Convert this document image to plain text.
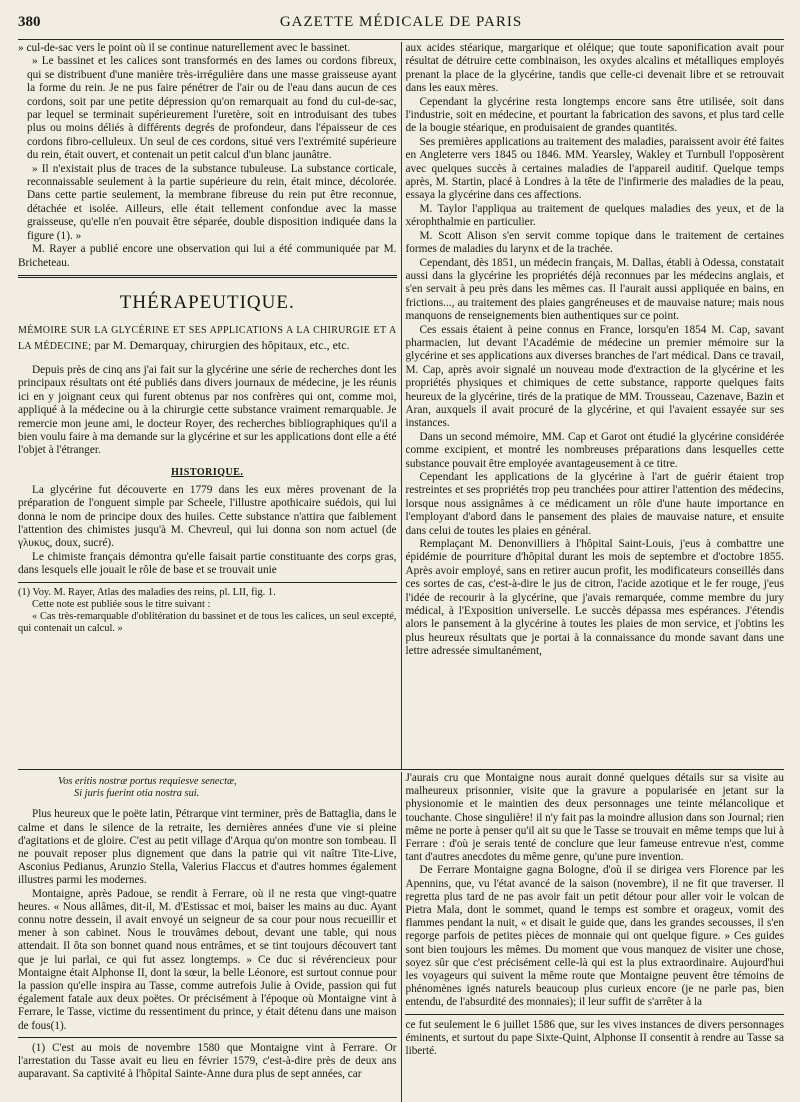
380	GAZETTE MÉDICALE DE PARIS

» cul-de-sac vers le point où il se continue naturellement avec le bassinet.

» Le bassinet et les calices sont transformés en des lames ou cordons fibreux, qui se distribuent d'une manière très-irrégulière dans une masse graisseuse ayant la forme du rein. Je ne pus faire pénétrer de l'air ou de l'eau dans aucun de ces cordons, soit par une petite dépression qu'on remarquait au fond du cul-de-sac, par lequel se terminait supérieurement l'uretère, soit en introduisant des tubes plus ou moins déliés à différents degrés de profondeur, dans l'épaisseur de ces cordons fibro-celluleux. Un seul de ces cordons, situé vers l'extrémité supérieure du rein, était ouvert, et contenait un petit calcul d'un blanc jaunâtre.

» Il n'existait plus de traces de la substance tubuleuse. La substance corticale, reconnaissable seulement à la partie supérieure du rein, était mince, décolorée. Dans cette partie seulement, la membrane fibreuse du rein put être reconnue, détachée et isolée. Ailleurs, elle était tellement confondue avec la masse graisseuse, qu'elle n'en pouvait être séparée, double disposition indiquée dans la figure (1). »

M. Rayer a publié encore une observation qui lui a été communiquée par M. Bricheteau.

THÉRAPEUTIQUE.
MÉMOIRE SUR LA GLYCÉRINE ET SES APPLICATIONS A LA CHIRURGIE ET A LA MÉDECINE; par M. Demarquay, chirurgien des hôpitaux, etc., etc.

Depuis près de cinq ans j'ai fait sur la glycérine une série de recherches dont les principaux résultats ont été publiés dans divers journaux de médecine, je les réunis ici en y joignant ceux qui furent obtenus par nos confrères qui ont, comme moi, appliqué à la médecine ou à la chirurgie cette substance vraiment remarquable. Je remercie mon jeune ami, le docteur Royer, des recherches bibliographiques qu'il a bien voulu faire à ma demande sur la glycérine et sur les applications dont elle a été l'objet à l'étranger.

HISTORIQUE.

La glycérine fut découverte en 1779 dans les eux mères provenant de la préparation de l'onguent simple par Scheele, l'illustre apothicaire suédois, qui lui donna le nom de principe doux des huiles. Cette substance n'attira que faiblement l'attention des chimistes jusqu'à M. Chevreul, qui lui donna son nom actuel (de γλυκυς, doux, sucré).

Le chimiste français démontra qu'elle faisait partie constituante des corps gras, dans lesquels elle jouait le rôle de base et se trouvait unie

(1) Voy. M. Rayer, Atlas des maladies des reins, pl. LII, fig. 1.

Cette note est publiée sous le titre suivant :

« Cas très-remarquable d'oblitération du bassinet et de tous les calices, un seul excepté, qui contenait un calcul. »

aux acides stéarique, margarique et oléique; que toute saponification avait pour résultat de détruire cette combinaison, les oxydes alcalins et métalliques employés prenant la place de la glycérine, tandis que celle-ci devenait libre et se retrouvait dans les eaux mères.

Cependant la glycérine resta longtemps encore sans être utilisée, soit dans l'industrie, soit en médecine, et pourtant la fabrication des savons, et plus tard celle de la bougie stéarique, en produisaient de grandes quantités.

Ses premières applications au traitement des maladies, paraissent avoir été faites en Angleterre vers 1845 ou 1846. MM. Yearsley, Wakley et Turnbull l'opposèrent avec quelques succès à certaines maladies de l'appareil auditif. Quelque temps après, M. Startin, placé à Londres à la tête de l'infirmerie des maladies de la peau, essaya la glycérine dans ces affections.

M. Taylor l'appliqua au traitement de quelques maladies des yeux, et de la xérophthalmie en particulier.

M. Scott Alison s'en servit comme topique dans le traitement de certaines formes de maladies du larynx et de la trachée.

Cependant, dès 1851, un médecin français, M. Dallas, établi à Odessa, constatait aussi dans la glycérine les propriétés déjà reconnues par les médecins anglais, et s'en servait à peu près dans les mêmes cas. Il l'aurait aussi appliquée en bains, en frictions..., au traitement des plaies gangréneuses et de mauvaise nature; mais nous manquons de renseignements bien authentiques sur ce point.

Ces essais étaient à peine connus en France, lorsqu'en 1854 M. Cap, savant pharmacien, lut devant l'Académie de médecine un premier mémoire sur la glycérine et ses applications aux diverses branches de l'art médical. Dans ce travail, M. Cap, après avoir signalé un nouveau mode d'extraction de la glycérine et les propriétés physiques et chimiques de cette substance, rapporte quelques faits heureux de la glycérine, tirés de la pratique de MM. Trousseau, Cazenave, Bazin et Aran, auxquels il avait procuré de la glycérine, et qui l'avaient essayée sur ses instances.

Dans un second mémoire, MM. Cap et Garot ont étudié la glycérine considérée comme excipient, et montré les nombreuses préparations dans lesquelles cette substance pouvait être employée avantageusement à ce titre.

Cependant les applications de la glycérine à l'art de guérir étaient trop restreintes et ses propriétés trop peu tranchées pour attirer l'attention des médecins, lorsque nous assignâmes à ce médicament un rôle d'une haute importance en l'employant d'abord dans le pansement des plaies de mauvaise nature, et ensuite dans celui de toutes les plaies en général.

Remplaçant M. Denonvilliers à l'hôpital Saint-Louis, j'eus à combattre une épidémie de pourriture d'hôpital durant les mois de septembre et d'octobre 1855. Après avoir employé, sans en retirer aucun profit, les modificateurs conseillés dans ces sortes de cas, c'est-à-dire le jus de citron, l'acide azotique et le fer rouge, j'eus l'idée de recourir à la glycérine, que j'avais remarquée, comme membre du jury médical, à l'Exposition universelle. Le succès dépassa mes espérances. J'étendis alors le pansement à la glycérine à toutes les plaies de mon service, et j'obtins les plus heureux résultats que je portai à la connaissance du monde savant dans une lettre adressée simultanément,

Vos eritis nostræ portus requiesve senectæ,
Si juris fuerint otia nostra sui.

Plus heureux que le poëte latin, Pétrarque vint terminer, près de Battaglia, dans le calme et dans le silence de la retraite, les dernières années d'une vie si pleine d'agitations et de gloire. C'est au petit village d'Arqua qu'on montre son tombeau. Il ne pouvait reposer plus dignement que dans la patrie qui vit naître Tite-Live, Asconius Pedianus, Arunzio Stella, Valerius Flaccus et d'autres hommes également illustres parmi les modernes.

Montaigne, après Padoue, se rendit à Ferrare, où il ne resta que vingt-quatre heures. « Nous allâmes, dit-il, M. d'Estissac et moi, baiser les mains au duc. Ayant connu notre dessein, il avait envoyé un seigneur de sa cour pour nous recueillir et mener à son cabinet. Nous le trouvâmes debout, devant une table, qui nous attendait. Il ôta son bonnet quand nous entrâmes, et se tint toujours découvert tant que je lui parlai, ce qui fut assez longtemps. » Ce duc si révérencieux pour Montaigne était Alphonse II, dont la sœur, la belle Léonore, est surtout connue pour la passion qu'elle inspira au Tasse, comme autrefois Julie à Ovide, passion qui fut également fatale aux deux poëtes. Or précisément à l'époque où Montaigne vint à Ferrare, le Tasse, victime du ressentiment du prince, y était détenu dans une maison de fous(1).

(1) C'est au mois de novembre 1580 que Montaigne vint à Ferrare. Or l'arrestation du Tasse avait eu lieu en février 1579, c'est-à-dire près de deux ans auparavant. Sa captivité à l'hôpital Sainte-Anne dura plus de sept années, car

J'aurais cru que Montaigne nous aurait donné quelques détails sur sa visite au malheureux prisonnier, visite que la gravure a popularisée en jetant sur la physionomie et le maintien des deux personnages une teinte mélancolique et touchante. Chose singulière! il n'y fait pas la moindre allusion dans son Journal; rien même ne porte à penser qu'il ait su que le Tasse se trouvait en même temps que lui à Ferrare : d'où je serais tenté de conclure que leur fameuse entrevue n'est, comme tant d'autres anecdotes du même genre, qu'une pure invention.

De Ferrare Montaigne gagna Bologne, d'où il se dirigea vers Florence par les Apennins, que, vu l'état avancé de la saison (novembre), il ne fit que traverser. Il regretta plus tard de ne pas avoir fait un petit détour pour aller voir le volcan de Pietra Mala, dont le sommet, quand le temps est sombre et orageux, vomit des flammes pendant la nuit, « et disait le guide que, dans les grandes secousses, il s'en regorge parfois de petites pièces de monnaie qui ont quelque figure. » Ces guides sont bien toujours les mêmes. Du moment que vous manquez de visiter une chose, soyez sûr que c'est précisément celle-là qui est la plus extraordinaire. Aujourd'hui les voyageurs qui suivent la même route que Montaigne peuvent être témoins de phénomènes ignés naturels beaucoup plus curieux encore (je ne parle pas, bien entendu, de l'absurdité des monnaies); il leur suffit de s'arrêter à la

ce fut seulement le 6 juillet 1586 que, sur les vives instances de divers personnages éminents, et surtout du pape Sixte-Quint, Alphonse II consentit à rendre au Tasse sa liberté.
